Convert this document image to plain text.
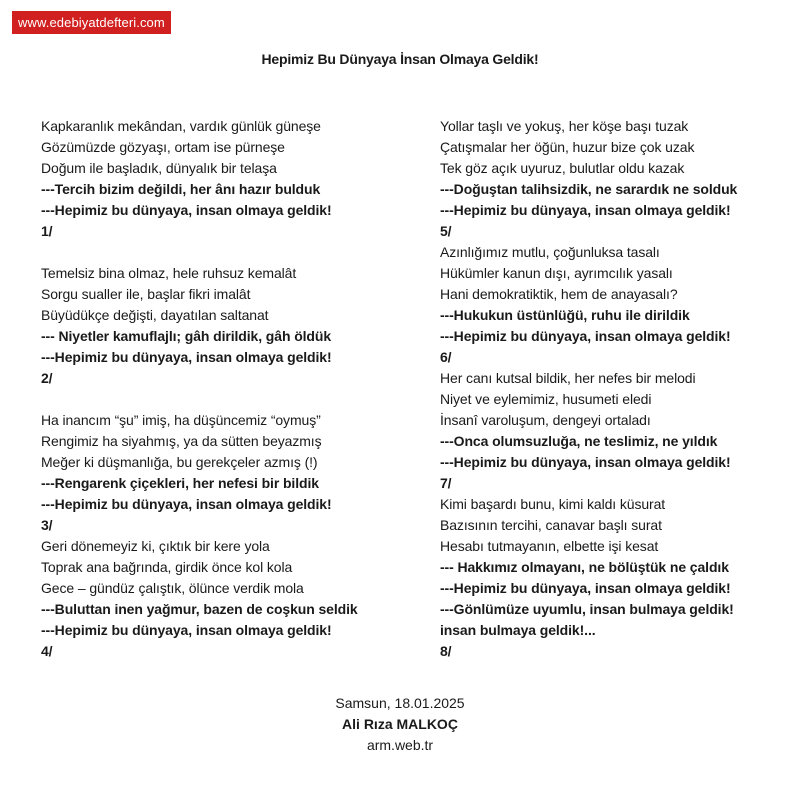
www.edebiyatdefteri.com
Hepimiz Bu Dünyaya İnsan Olmaya Geldik!
Kapkaranlık mekândan, vardık günlük güneşe
Gözümüzde gözyaşı, ortam ise pürneşe
Doğum ile başladık, dünyalık bir telaşa
---Tercih bizim değildi, her ânı hazır bulduk
---Hepimiz bu dünyaya, insan olmaya geldik!
1/
Temelsiz bina olmaz, hele ruhsuz kemalât
Sorgu sualler ile, başlar fikri imalât
Büyüdükçe değişti, dayatılan saltanat
--- Niyetler kamuflajlı; gâh dirildik, gâh öldük
---Hepimiz bu dünyaya, insan olmaya geldik!
2/
Ha inancım “şu” imiş, ha düşüncemiz “oymuş”
Rengimiz ha siyahmış, ya da sütten beyazmış
Meğer ki düşmanlığa, bu gerekçeler azmış (!)
---Rengarenk çiçekleri, her nefesi bir bildik
---Hepimiz bu dünyaya, insan olmaya geldik!
3/
Geri dönemeyiz ki, çıktık bir kere yola
Toprak ana bağrında, girdik önce kol kola
Gece – gündüz çalıştık, ölünce verdik mola
---Buluttan inen yağmur, bazen de coşkun seldik
---Hepimiz bu dünyaya, insan olmaya geldik!
4/
Yollar taşlı ve yokuş, her köşe başı tuzak
Çatışmalar her öğün, huzur bize çok uzak
Tek göz açık uyuruz, bulutlar oldu kazak
---Doğuştan talihsizdik, ne sarardık ne solduk
---Hepimiz bu dünyaya, insan olmaya geldik!
5/
Azınlığımız mutlu, çoğunluksa tasalı
Hükümler kanun dışı, ayrımcılık yasalı
Hani demokratiktik, hem de anayasalı?
---Hukukun üstünlüğü, ruhu ile dirildik
---Hepimiz bu dünyaya, insan olmaya geldik!
6/
Her canı kutsal bildik, her nefes bir melodi
Niyet ve eylemimiz, husumeti eledi
İnsanî varoluşum, dengeyi ortaladı
---Onca olumsuzluğa, ne teslimiz, ne yıldık
---Hepimiz bu dünyaya, insan olmaya geldik!
7/
Kimi başardı bunu, kimi kaldı küsurat
Bazısının tercihi, canavar başlı surat
Hesabı tutmayanın, elbette işi kesat
--- Hakkımız olmayanı, ne bölüştük ne çaldık
---Hepimiz bu dünyaya, insan olmaya geldik!
---Gönlümüze uyumlu, insan bulmaya geldik!
insan bulmaya geldik!...
8/
Samsun, 18.01.2025
Ali Rıza MALKOÇ
arm.web.tr
